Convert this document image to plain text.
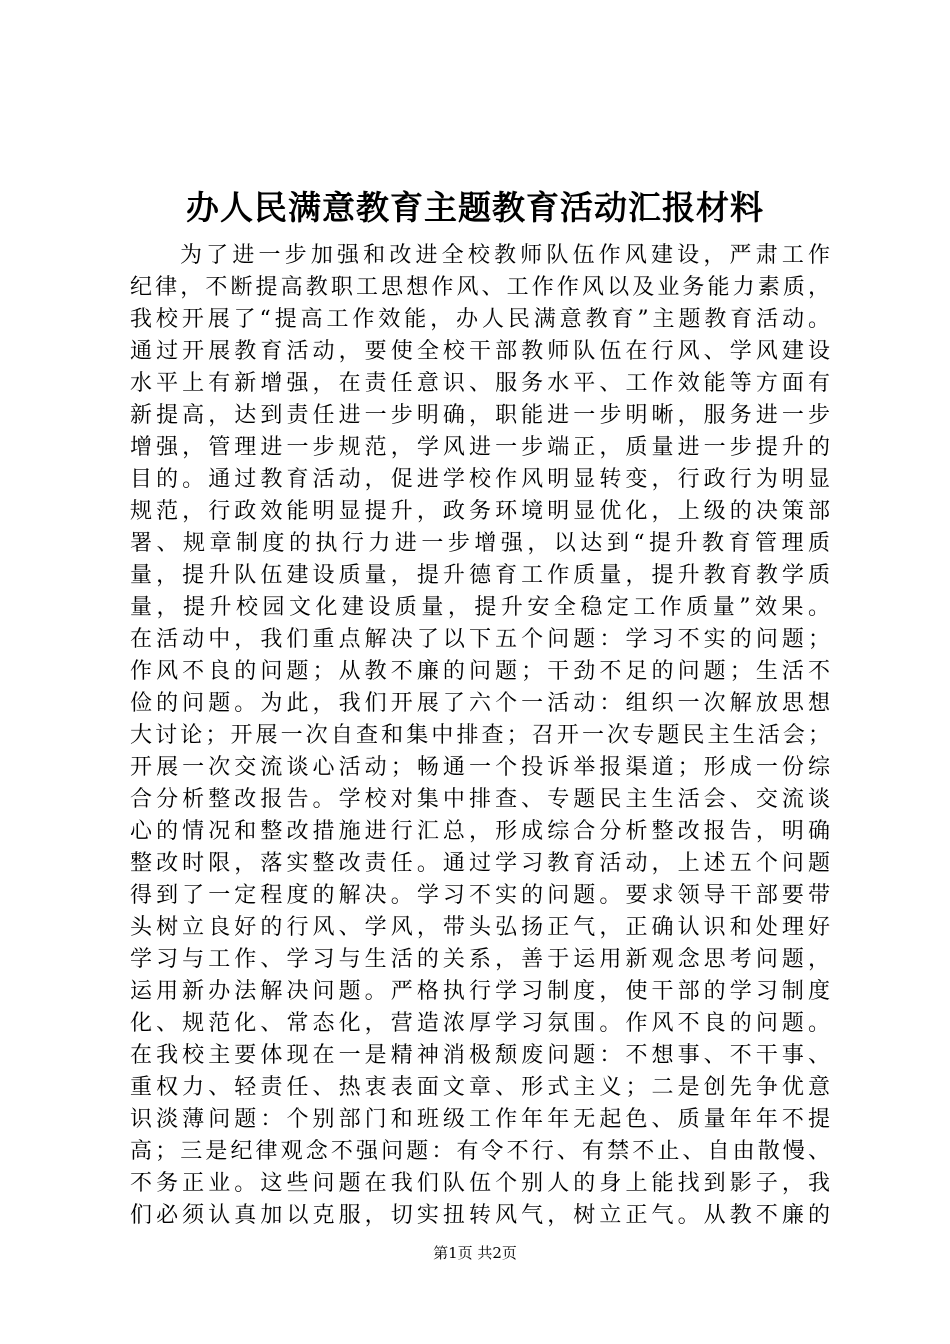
办人民满意教育主题教育活动汇报材料
为了进一步加强和改进全校教师队伍作风建设，严肃工作
纪律，不断提高教职工思想作风、工作作风以及业务能力素质，
我校开展了“提高工作效能，办人民满意教育”主题教育活动。
通过开展教育活动，要使全校干部教师队伍在行风、学风建设
水平上有新增强，在责任意识、服务水平、工作效能等方面有
新提高，达到责任进一步明确，职能进一步明晰，服务进一步
增强，管理进一步规范，学风进一步端正，质量进一步提升的
目的。通过教育活动，促进学校作风明显转变，行政行为明显
规范，行政效能明显提升，政务环境明显优化，上级的决策部
署、规章制度的执行力进一步增强，以达到“提升教育管理质
量，提升队伍建设质量，提升德育工作质量，提升教育教学质
量，提升校园文化建设质量，提升安全稳定工作质量”效果。
在活动中，我们重点解决了以下五个问题：学习不实的问题；
作风不良的问题；从教不廉的问题；干劲不足的问题；生活不
俭的问题。为此，我们开展了六个一活动：组织一次解放思想
大讨论；开展一次自查和集中排查；召开一次专题民主生活会；
开展一次交流谈心活动；畅通一个投诉举报渠道；形成一份综
合分析整改报告。学校对集中排查、专题民主生活会、交流谈
心的情况和整改措施进行汇总，形成综合分析整改报告，明确
整改时限，落实整改责任。通过学习教育活动，上述五个问题
得到了一定程度的解决。学习不实的问题。要求领导干部要带
头树立良好的行风、学风，带头弘扬正气，正确认识和处理好
学习与工作、学习与生活的关系，善于运用新观念思考问题，
运用新办法解决问题。严格执行学习制度，使干部的学习制度
化、规范化、常态化，营造浓厚学习氛围。作风不良的问题。
在我校主要体现在一是精神消极颓废问题：不想事、不干事、
重权力、轻责任、热衷表面文章、形式主义；二是创先争优意
识淡薄问题：个别部门和班级工作年年无起色、质量年年不提
高；三是纪律观念不强问题：有令不行、有禁不止、自由散慢、
不务正业。这些问题在我们队伍个别人的身上能找到影子，我
们必须认真加以克服，切实扭转风气，树立正气。从教不廉的
第1页 共2页
